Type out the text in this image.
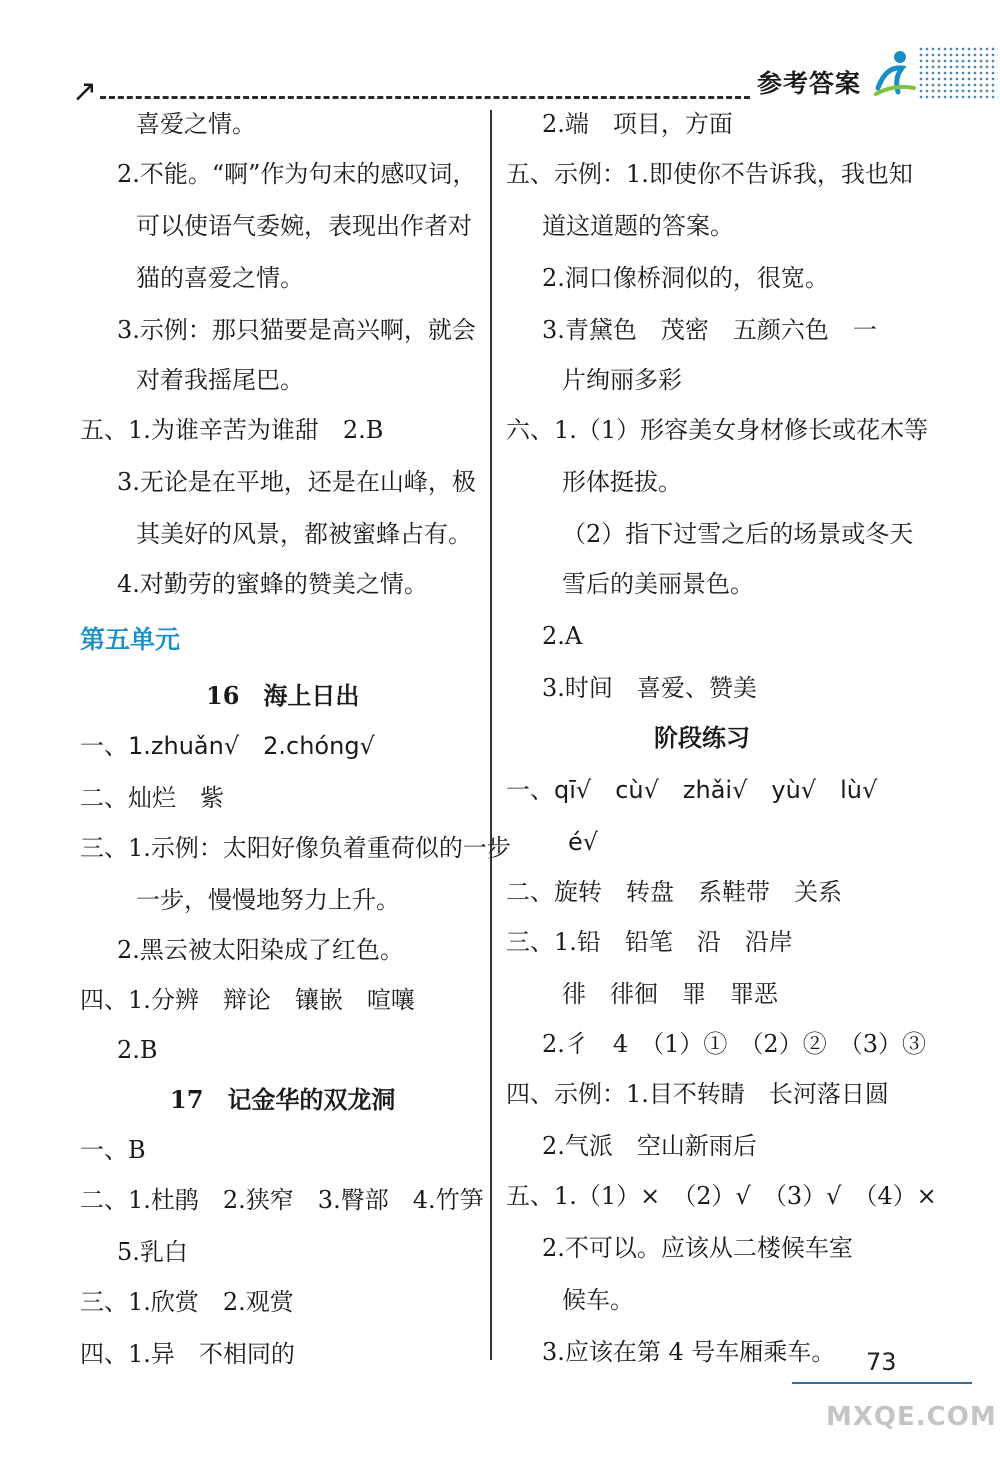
↗	参考答案
喜爱之情。
2.不能。“啊”作为句末的感叹词，
可以使语气委婉，表现出作者对
猫的喜爱之情。
3.示例：那只猫要是高兴啊，就会
对着我摇尾巴。
五、1.为谁辛苦为谁甜　2.B
3.无论是在平地，还是在山峰，极
其美好的风景，都被蜜蜂占有。
4.对勤劳的蜜蜂的赞美之情。
第五单元
16　海上日出
一、1.zhuǎn√　2.chóng√
二、灿烂　紫
三、1.示例：太阳好像负着重荷似的一步
一步，慢慢地努力上升。
2.黑云被太阳染成了红色。
四、1.分辨　辩论　镶嵌　喧嚷
2.B
17　记金华的双龙洞
一、B
二、1.杜鹃　2.狭窄　3.臀部　4.竹笋
5.乳白
三、1.欣赏　2.观赏
四、1.异　不相同的
2.端　项目，方面
五、示例：1.即使你不告诉我，我也知
道这道题的答案。
2.洞口像桥洞似的，很宽。
3.青黛色　茂密　五颜六色　一
片绚丽多彩
六、1.（1）形容美女身材修长或花木等
形体挺拔。
（2）指下过雪之后的场景或冬天
雪后的美丽景色。
2.A
3.时间　喜爱、赞美
阶段练习
一、qī√　cù√　zhǎi√　yù√　lù√
é√
二、旋转　转盘　系鞋带　关系
三、1.铅　铅笔　沿　沿岸
徘　徘徊　罪　罪恶
2.彳　4　（1）①　（2）②　（3）③
四、示例：1.目不转睛　长河落日圆
2.气派　空山新雨后
五、1.（1）×　（2）√　（3）√　（4）×
2.不可以。应该从二楼候车室
候车。
3.应该在第 4 号车厢乘车。 73
MXQE.COM
